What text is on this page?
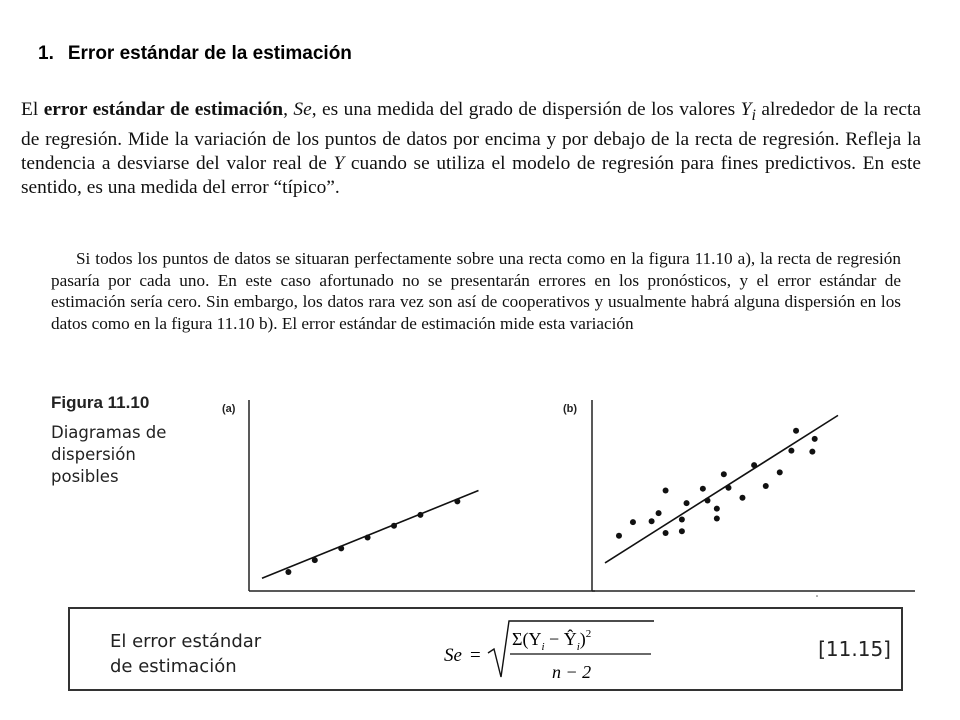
1. Error estándar de la estimación
El error estándar de estimación, Se, es una medida del grado de dispersión de los valores $Y_i$ alrededor de la recta de regresión. Mide la variación de los puntos de datos por encima y por debajo de la recta de regresión. Refleja la tendencia a desviarse del valor real de Y cuando se utiliza el modelo de regresión para fines predictivos. En este sentido, es una medida del error “típico”.
Si todos los puntos de datos se situaran perfectamente sobre una recta como en la figura 11.10 a), la recta de regresión pasaría por cada uno. En este caso afortunado no se presentarán errores en los pronósticos, y el error estándar de estimación sería cero. Sin embargo, los datos rara vez son así de cooperativos y usualmente habrá alguna dispersión en los datos como en la figura 11.10 b). El error estándar de estimación mide esta variación
Figura 11.10
Diagramas de dispersión posibles
(a)	(b)
El error estándar
de estimación
Se =
$\Sigma(Y_i$ − $Ŷ_i)^2$
n − 2
[11.15]
